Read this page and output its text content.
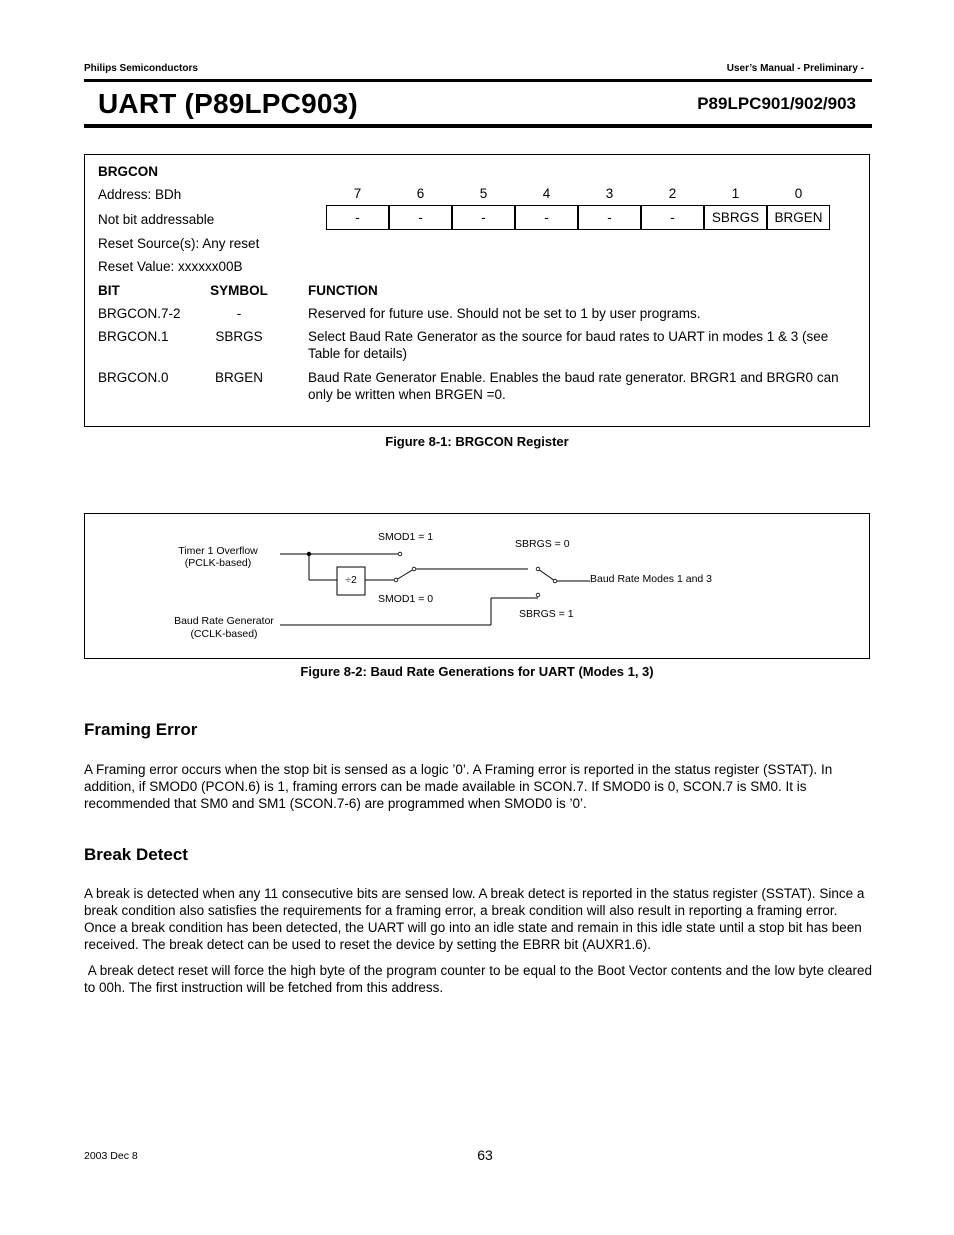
Philips Semiconductors	User’s Manual - Preliminary -
UART (P89LPC903)	P89LPC901/902/903
BRGCON
Address: BDh
Not bit addressable
Reset Source(s): Any reset
Reset Value: xxxxxx00B
7	6	5	4	3	2	1	0
-	-	-	-	-	-	SBRGS	BRGEN
BIT	SYMBOL	FUNCTION
BRGCON.7-2	-	Reserved for future use. Should not be set to 1 by user programs.
BRGCON.1	SBRGS	Select Baud Rate Generator as the source for baud rates to UART in modes 1 & 3 (see Table for details)
BRGCON.0	BRGEN	Baud Rate Generator Enable. Enables the baud rate generator. BRGR1 and BRGR0 can only be written when BRGEN =0.
Figure 8-1: BRGCON Register
Timer 1 Overflow
(PCLK-based)
Baud Rate Generator
(CCLK-based)
÷2
SMOD1 = 1
SMOD1 = 0
SBRGS = 0
SBRGS = 1
Baud Rate Modes 1 and 3
Figure 8-2: Baud Rate Generations for UART (Modes 1, 3)
Framing Error

A Framing error occurs when the stop bit is sensed as a logic ’0’. A Framing error is reported in the status register (SSTAT). In addition, if SMOD0 (PCON.6) is 1, framing errors can be made available in SCON.7. If SMOD0 is 0, SCON.7 is SM0. It is recommended that SM0 and SM1 (SCON.7-6) are programmed when SMOD0 is ’0’.

Break Detect

A break is detected when any 11 consecutive bits are sensed low. A break detect is reported in the status register (SSTAT). Since a break condition also satisfies the requirements for a framing error, a break condition will also result in reporting a framing error. Once a break condition has been detected, the UART will go into an idle state and remain in this idle state until a stop bit has been received. The break detect can be used to reset the device by setting the EBRR bit (AUXR1.6).

A break detect reset will force the high byte of the program counter to be equal to the Boot Vector contents and the low byte cleared to 00h. The first instruction will be fetched from this address.

2003 Dec 8	63
